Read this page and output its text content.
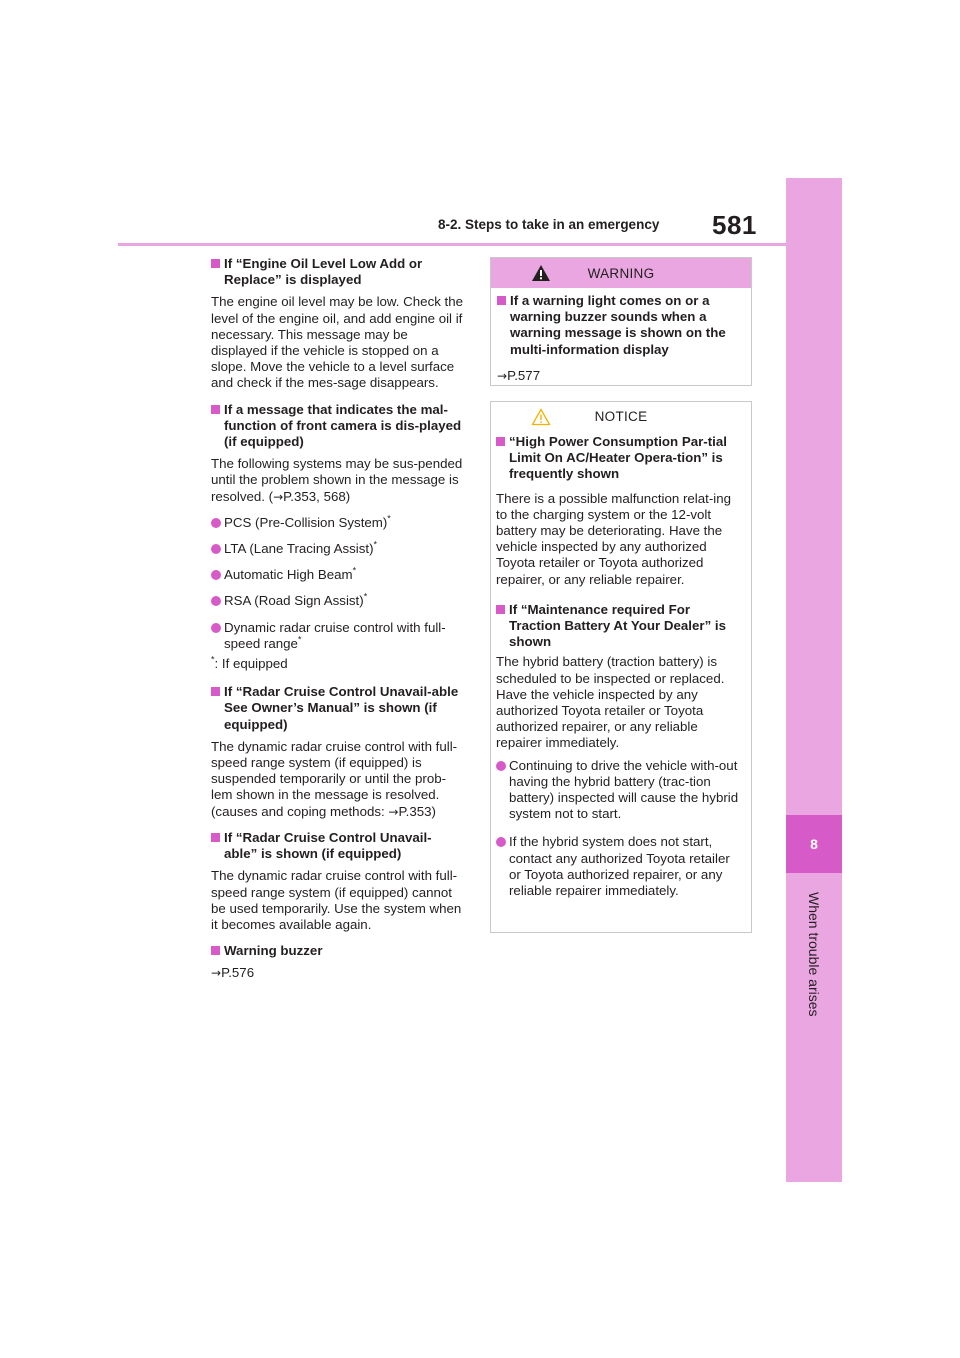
8-2. Steps to take in an emergency 581
8
When trouble arises
If “Engine Oil Level Low Add or Replace” is displayed
The engine oil level may be low. Check the level of the engine oil, and add engine oil if necessary. This message may be displayed if the vehicle is stopped on a slope. Move the vehicle to a level surface and check if the mes-sage disappears.
If a message that indicates the mal-function of front camera is dis-played (if equipped)
The following systems may be sus-pended until the problem shown in the message is resolved. (→P.353, 568)
PCS (Pre-Collision System)*
LTA (Lane Tracing Assist)*
Automatic High Beam*
RSA (Road Sign Assist)*
Dynamic radar cruise control with full-speed range*
*: If equipped
If “Radar Cruise Control Unavail-able See Owner’s Manual” is shown (if equipped)
The dynamic radar cruise control with full-speed range system (if equipped) is suspended temporarily or until the prob-lem shown in the message is resolved. (causes and coping methods: →P.353)
If “Radar Cruise Control Unavail-able” is shown (if equipped)
The dynamic radar cruise control with full-speed range system (if equipped) cannot be used temporarily. Use the system when it becomes available again.
Warning buzzer
→P.576
WARNING
If a warning light comes on or a warning buzzer sounds when a warning message is shown on the multi-information display
→P.577
NOTICE
“High Power Consumption Par-tial Limit On AC/Heater Opera-tion” is frequently shown
There is a possible malfunction relat-ing to the charging system or the 12-volt battery may be deteriorating. Have the vehicle inspected by any authorized Toyota retailer or Toyota authorized repairer, or any reliable repairer.
If “Maintenance required For Traction Battery At Your Dealer” is shown
The hybrid battery (traction battery) is scheduled to be inspected or replaced. Have the vehicle inspected by any authorized Toyota retailer or Toyota authorized repairer, or any reliable repairer immediately.
Continuing to drive the vehicle with-out having the hybrid battery (trac-tion battery) inspected will cause the hybrid system not to start.
If the hybrid system does not start, contact any authorized Toyota retailer or Toyota authorized repairer, or any reliable repairer immediately.
